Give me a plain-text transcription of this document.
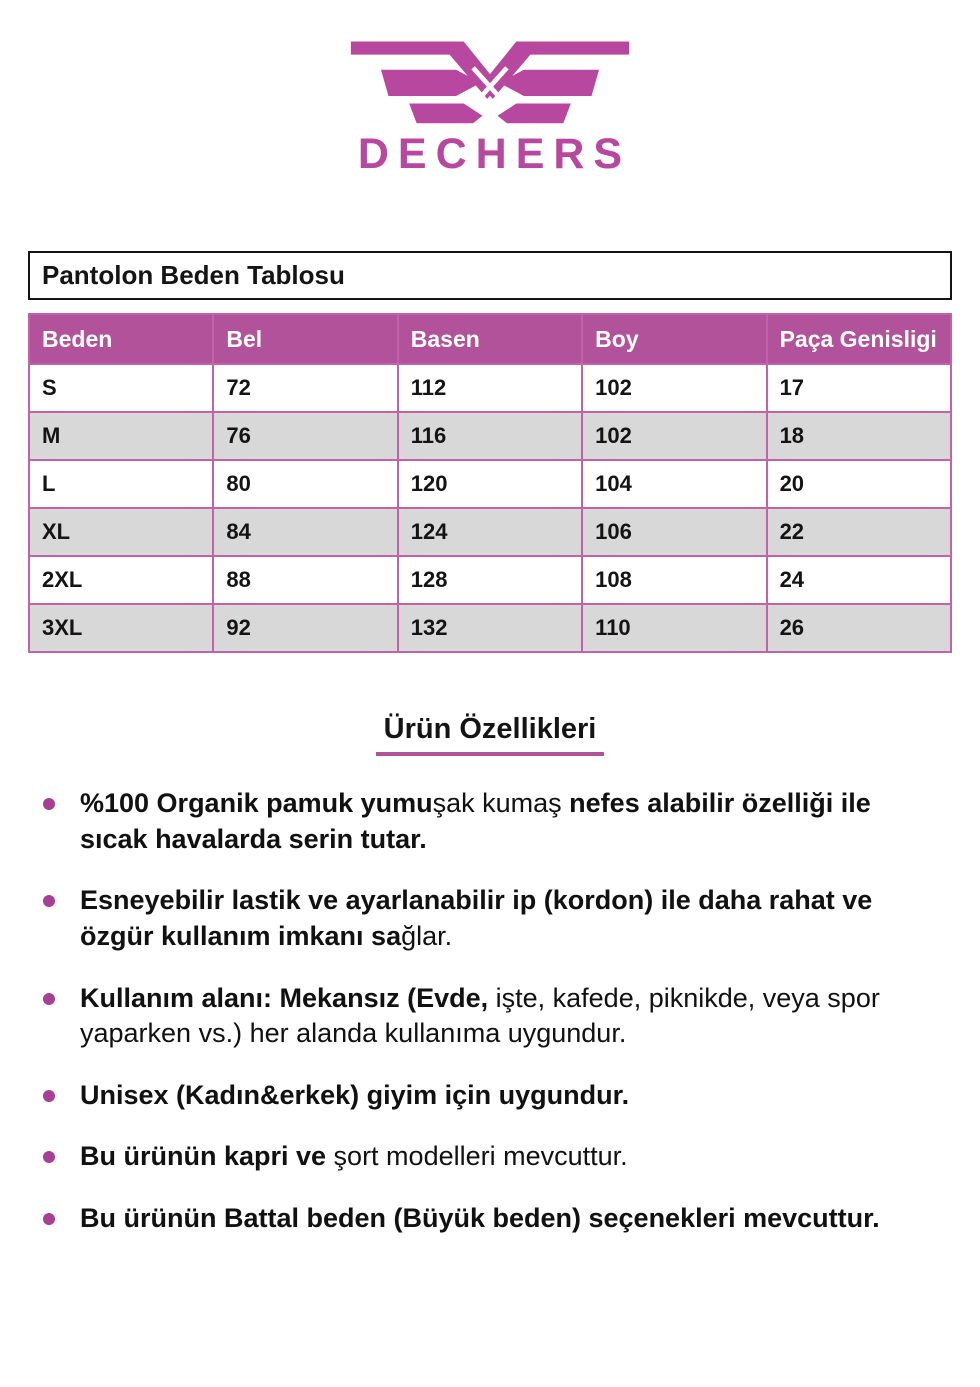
DECHERS
Pantolon Beden Tablosu
Beden	Bel	Basen	Boy	Paça Genisligi
S	72	112	102	17
M	76	116	102	18
L	80	120	104	20
XL	84	124	106	22
2XL	88	128	108	24
3XL	92	132	110	26
Ürün Özellikleri
%100 Organik pamuk yumuşak kumaş nefes alabilir özelliği ile sıcak havalarda serin tutar.
Esneyebilir lastik ve ayarlanabilir ip (kordon) ile daha rahat ve özgür kullanım imkanı sağlar.
Kullanım alanı: Mekansız (Evde, işte, kafede, piknikde, veya spor yaparken vs.) her alanda kullanıma uygundur.
Unisex (Kadın&erkek) giyim için uygundur.
Bu ürünün kapri ve şort modelleri mevcuttur.
Bu ürünün Battal beden (Büyük beden) seçenekleri mevcuttur.
